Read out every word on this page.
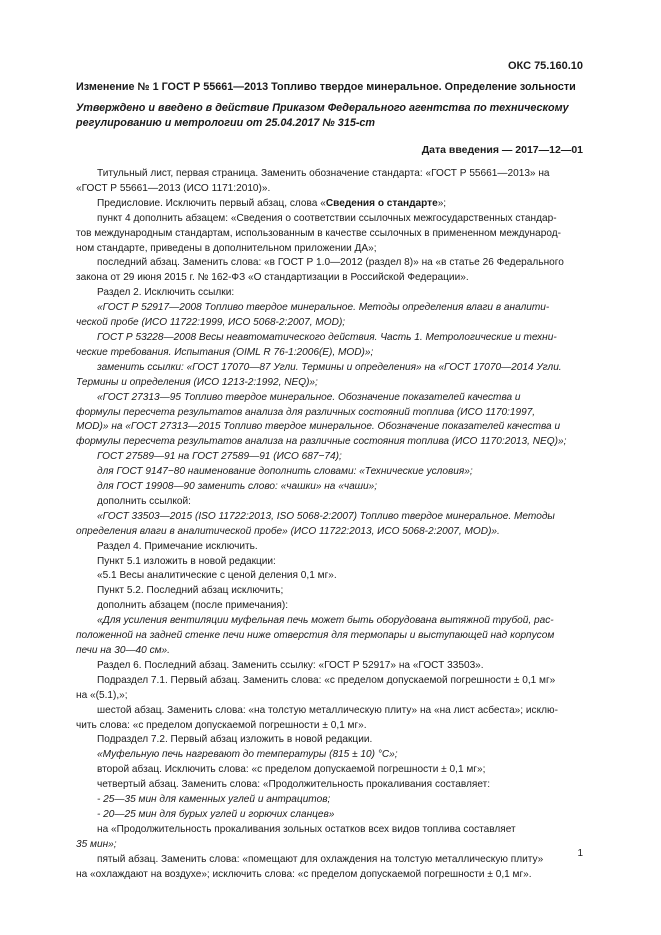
ОКС 75.160.10
Изменение № 1 ГОСТ Р 55661—2013 Топливо твердое минеральное. Определение зольности
Утверждено и введено в действие Приказом Федерального агентства по техническому регулированию и метрологии от 25.04.2017 № 315-ст
Дата введения — 2017—12—01
Титульный лист, первая страница. Заменить обозначение стандарта: «ГОСТ Р 55661—2013» на
«ГОСТ Р 55661—2013 (ИСО 1171:2010)».
Предисловие. Исключить первый абзац, слова «Сведения о стандарте»;
пункт 4 дополнить абзацем: «Сведения о соответствии ссылочных межгосударственных стандар-
тов международным стандартам, использованным в качестве ссылочных в примененном международ-
ном стандарте, приведены в дополнительном приложении ДА»;
последний абзац. Заменить слова: «в ГОСТ Р 1.0—2012 (раздел 8)» на «в статье 26 Федерального
закона от 29 июня 2015 г. № 162-ФЗ «О стандартизации в Российской Федерации».
Раздел 2. Исключить ссылки:
«ГОСТ Р 52917—2008 Топливо твердое минеральное. Методы определения влаги в аналити-
ческой пробе (ИСО 11722:1999, ИСО 5068-2:2007, MOD);
ГОСТ Р 53228—2008 Весы неавтоматического действия. Часть 1. Метрологические и техни-
ческие требования. Испытания (OIML R 76-1:2006(E), MOD)»;
заменить ссылки: «ГОСТ 17070—87 Угли. Термины и определения» на «ГОСТ 17070—2014 Угли.
Термины и определения (ИСО 1213-2:1992, NEQ)»;
«ГОСТ 27313—95 Топливо твердое минеральное. Обозначение показателей качества и
формулы пересчета результатов анализа для различных состояний топлива (ИСО 1170:1997,
MOD)» на «ГОСТ 27313—2015 Топливо твердое минеральное. Обозначение показателей качества и
формулы пересчета результатов анализа на различные состояния топлива (ИСО 1170:2013, NEQ)»;
ГОСТ 27589—91 на ГОСТ 27589—91 (ИСО 687−74);
для ГОСТ 9147−80 наименование дополнить словами: «Технические условия»;
для ГОСТ 19908—90 заменить слово: «чашки» на «чаши»;
дополнить ссылкой:
«ГОСТ 33503—2015 (ISO 11722:2013, ISO 5068-2:2007) Топливо твердое минеральное. Методы
определения влаги в аналитической пробе» (ИСО 11722:2013, ИСО 5068-2:2007, MOD)».
Раздел 4. Примечание исключить.
Пункт 5.1 изложить в новой редакции:
«5.1 Весы аналитические с ценой деления 0,1 мг».
Пункт 5.2. Последний абзац исключить;
дополнить абзацем (после примечания):
«Для усиления вентиляции муфельная печь может быть оборудована вытяжной трубой, рас-
положенной на задней стенке печи ниже отверстия для термопары и выступающей над корпусом
печи на 30—40 см».
Раздел 6. Последний абзац. Заменить ссылку: «ГОСТ Р 52917» на «ГОСТ 33503».
Подраздел 7.1. Первый абзац. Заменить слова: «с пределом допускаемой погрешности ± 0,1 мг»
на «(5.1),»;
шестой абзац. Заменить слова: «на толстую металлическую плиту» на «на лист асбеста»; исклю-
чить слова: «с пределом допускаемой погрешности ± 0,1 мг».
Подраздел 7.2. Первый абзац изложить в новой редакции.
«Муфельную печь нагревают до температуры (815 ± 10) °С»;
второй абзац. Исключить слова: «с пределом допускаемой погрешности ± 0,1 мг»;
четвертый абзац. Заменить слова: «Продолжительность прокаливания составляет:
- 25—35 мин для каменных углей и антрацитов;
- 20—25 мин для бурых углей и горючих сланцев»
на «Продолжительность прокаливания зольных остатков всех видов топлива составляет
35 мин»;
пятый абзац. Заменить слова: «помещают для охлаждения на толстую металлическую плиту»
на «охлаждают на воздухе»; исключить слова: «с пределом допускаемой погрешности ± 0,1 мг».
1
